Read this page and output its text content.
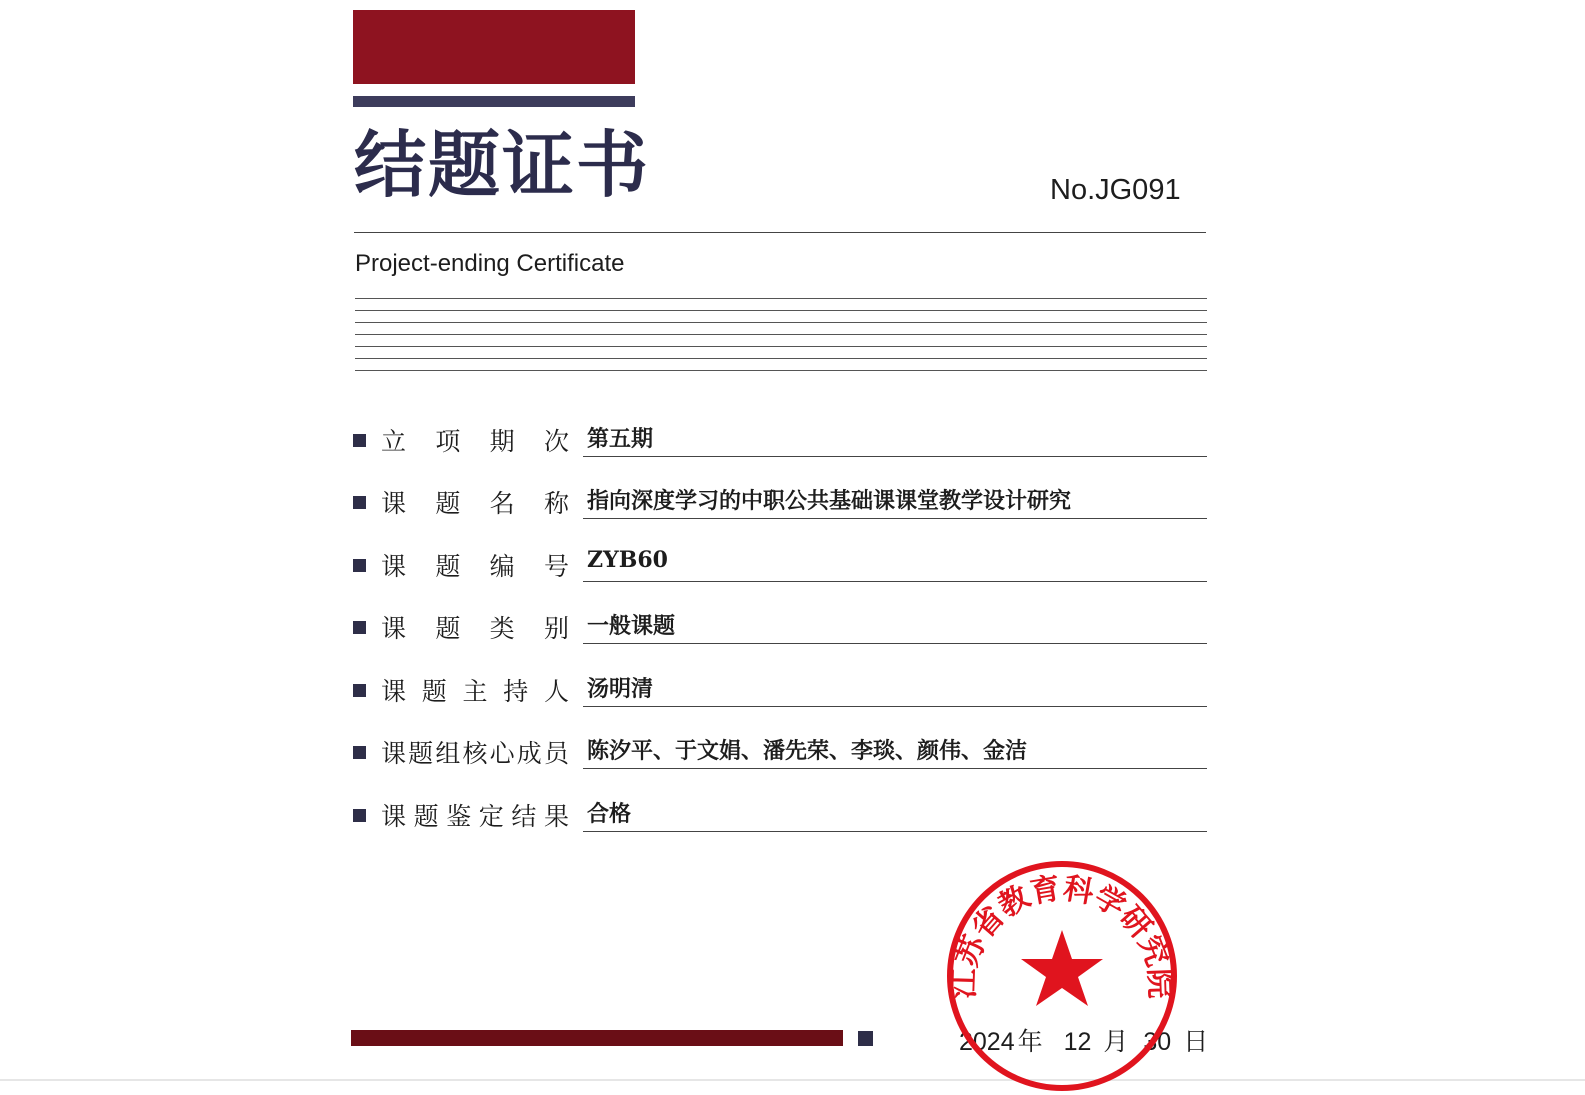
结题证书	No.JG091
Project-ending Certificate
立 项 期 次 第五期
课 题 名 称 指向深度学习的中职公共基础课课堂教学设计研究
课 题 编 号 ZYB60
课 题 类 别 一般课题
课 题 主 持 人 汤明清
课 题 组 核 心 成 员 陈汐平、于文娟、潘先荣、李琰、颜伟、金洁
课 题 鉴 定 结 果 合格
2024 年 12 月 30 日
江苏省教育科学研究院
